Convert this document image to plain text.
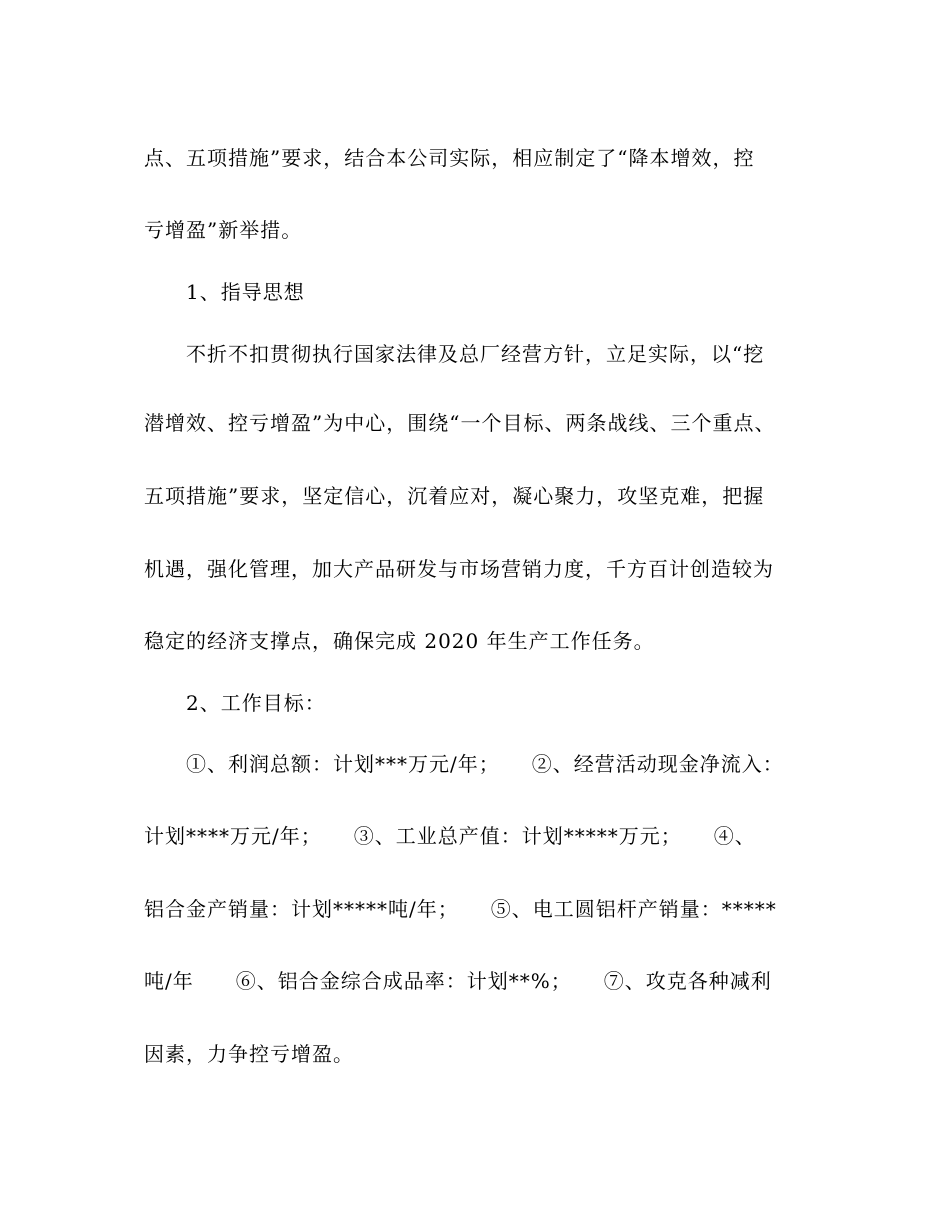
点、五项措施”要求，结合本公司实际，相应制定了“降本增效，控
亏增盈”新举措。
1、指导思想
不折不扣贯彻执行国家法律及总厂经营方针，立足实际，以“挖
潜增效、控亏增盈”为中心，围绕“一个目标、两条战线、三个重点、
五项措施”要求，坚定信心，沉着应对，凝心聚力，攻坚克难，把握
机遇，强化管理，加大产品研发与市场营销力度，千方百计创造较为
稳定的经济支撑点，确保完成 2020 年生产工作任务。
2、工作目标：
①、利润总额：计划***万元/年；　　②、经营活动现金净流入：
计划****万元/年；　　③、工业总产值：计划*****万元；　　④、
铝合金产销量：计划*****吨/年；　　⑤、电工圆铝杆产销量：*****
吨/年　　⑥、铝合金综合成品率：计划**%；　　⑦、攻克各种减利
因素，力争控亏增盈。
